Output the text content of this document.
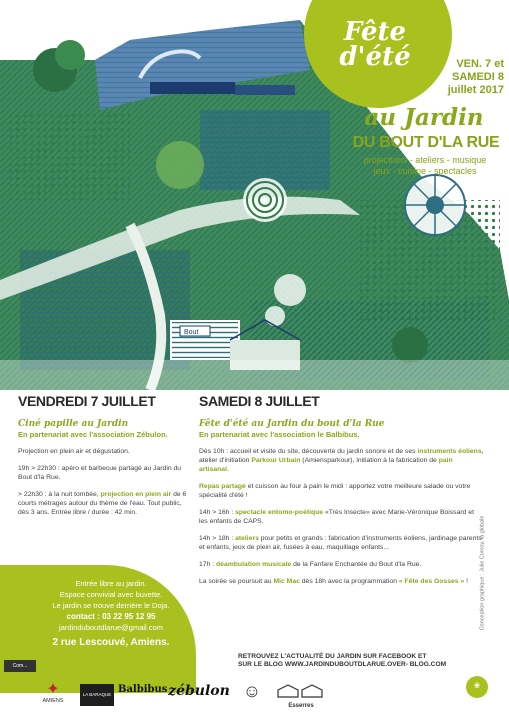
Bout
Fête
d'été	VEN. 7 et
SAMEDI 8
juillet 2017
au Jardin
DU BOUT D'LA RUE
projections - ateliers - musique
jeux - cuisine - spectacles
VENDREDI 7 JUILLET
Ciné papille au Jardin
En partenariat avec l'association Zébulon.
Projection en plein air et dégustation.
19h > 22h30 : apéro et barbecue partagé au Jardin du Bout d'la Rue.
> 22h30 : à la nuit tombée, projection en plein air de 6 courts métrages autour du thème de l'eau. Tout public, dès 3 ans. Entrée libre / durée : 42 min.
SAMEDI 8 JUILLET
Fête d'été au Jardin du bout d'la Rue
En partenariat avec l'association le Balbibus.
Dès 10h : accueil et visite du site, découverte du jardin sonore et de ses instruments éoliens, atelier d'initiation Parkour Urbain (Amiensparkour), initiation à la fabrication de pain artisanal.
Repas partagé et cuisson au four à pain le midi : apportez votre meilleure salade ou votre spécialité d'été !
14h > 16h : spectacle entomo-poétique «Très Insecte» avec Marie-Véronique Boissard et les enfants de CAPS.
14h > 18h : ateliers pour petits et grands : fabrication d'instruments éoliens, jardinage parents et enfants, jeux de plein air, fusées à eau, maquillage enfants...
17h : déambulation musicale de la Fanfare Enchantée du Bout d'la Rue.
La soirée se poursuit au Mic Mac dès 18h avec la programmation « Fête des Gosses » !
Entrée libre au jardin.
Espace convivial avec buvette.
Le jardin se trouve derrière le Doja.
contact : 03 22 95 12 95
jardinduboutdlarue@gmail.com
2 rue Lescouvé, Amiens.
Conception graphique : Julie Corcoy, la globale
RETROUVEZ L'ACTUALITÉ DU JARDIN SUR FACEBOOK ET
SUR LE BLOG WWW.JARDINDUBOUTDLARUE.OVER- BLOG.COM
✦
AMIENS
LA BARAQUE Balbibus zébulon ☺
Esserres
❀
Com...
